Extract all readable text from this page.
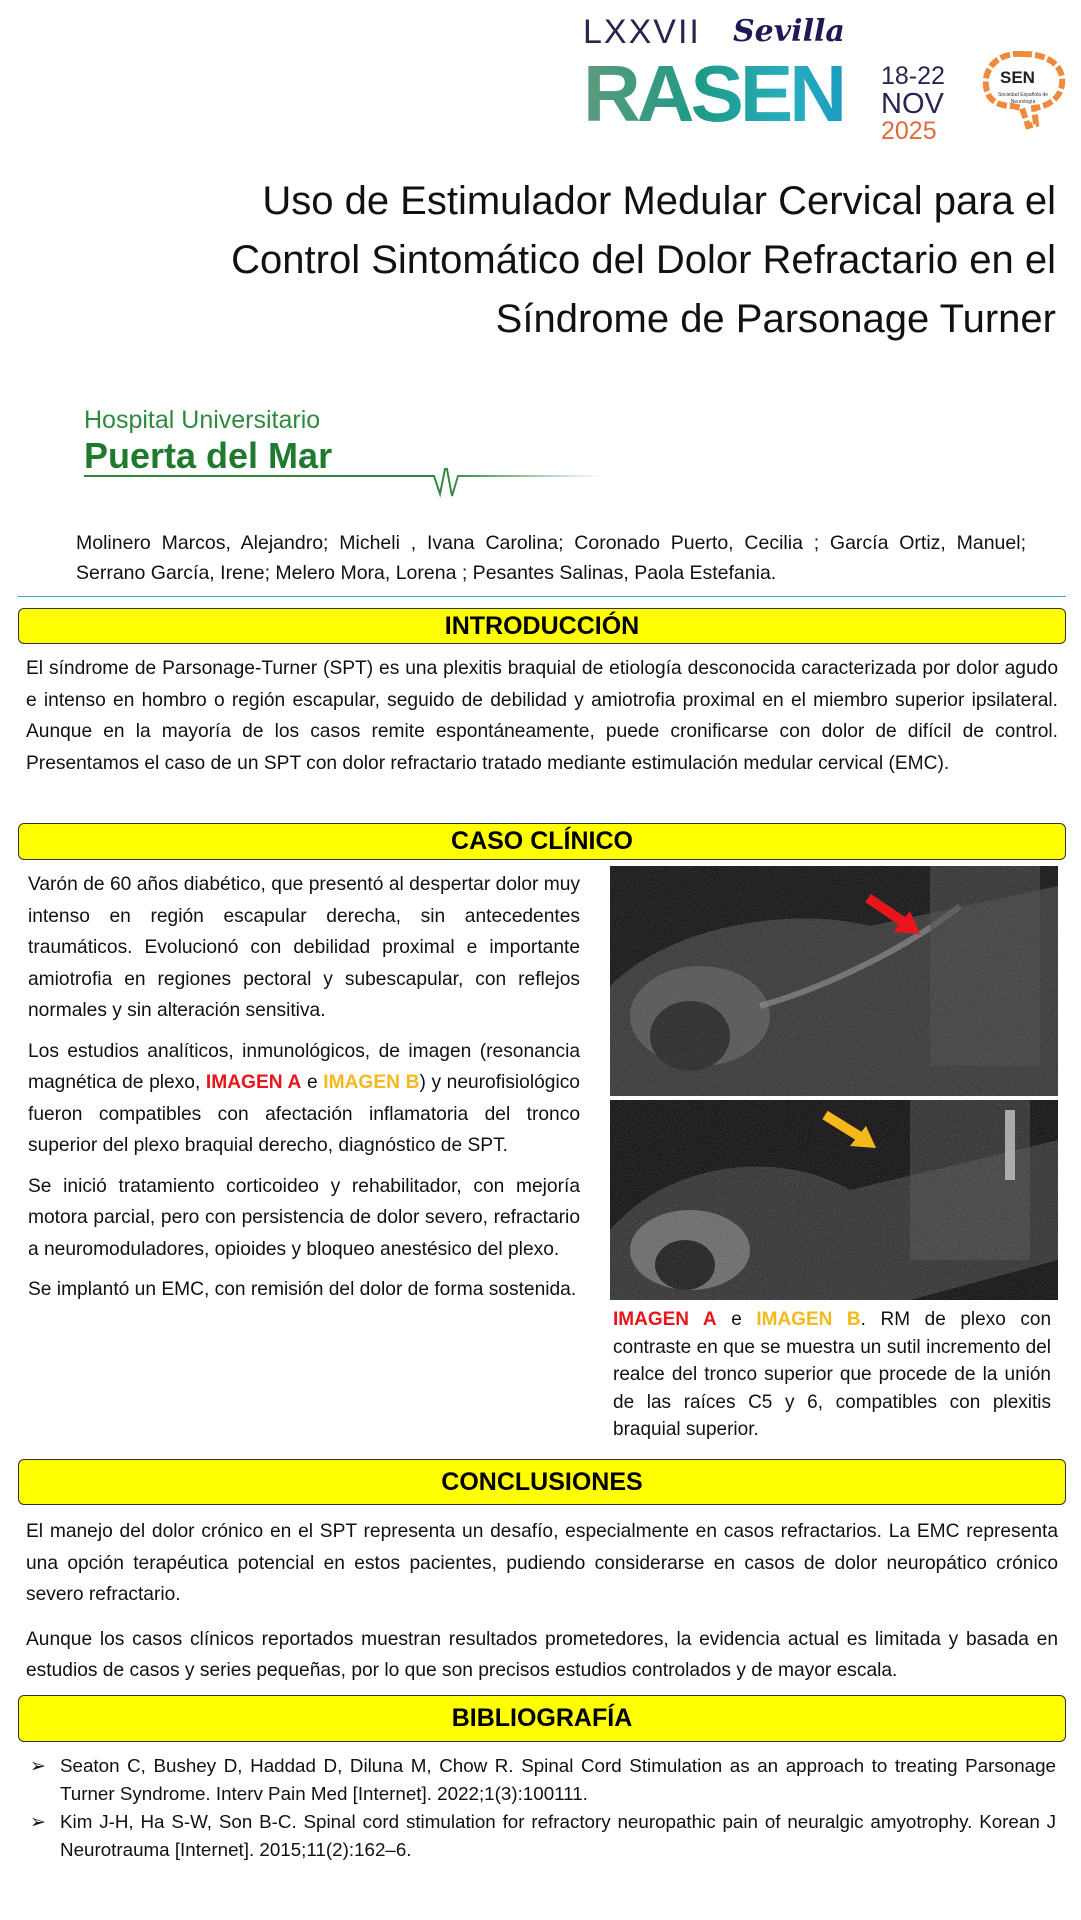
LXXVII Sevilla
RASEN 18-22
NOV
2025
SEN
Sociedad Española de Neurología
Uso de Estimulador Medular Cervical para el
Control Sintomático del Dolor Refractario en el
Síndrome de Parsonage Turner
Hospital Universitario
Puerta del Mar
Molinero Marcos, Alejandro; Micheli , Ivana Carolina; Coronado Puerto, Cecilia ; García Ortiz, Manuel; Serrano García, Irene; Melero Mora, Lorena ; Pesantes Salinas, Paola Estefania.
INTRODUCCIÓN

El síndrome de Parsonage-Turner (SPT) es una plexitis braquial de etiología desconocida caracterizada por dolor agudo e intenso en hombro o región escapular, seguido de debilidad y amiotrofia proximal en el miembro superior ipsilateral. Aunque en la mayoría de los casos remite espontáneamente, puede cronificarse con dolor de difícil de control. Presentamos el caso de un SPT con dolor refractario tratado mediante estimulación medular cervical (EMC).

CASO CLÍNICO

Varón de 60 años diabético, que presentó al despertar dolor muy intenso en región escapular derecha, sin antecedentes traumáticos. Evolucionó con debilidad proximal e importante amiotrofia en regiones pectoral y subescapular, con reflejos normales y sin alteración sensitiva.

Los estudios analíticos, inmunológicos, de imagen (resonancia magnética de plexo, IMAGEN A e IMAGEN B) y neurofisiológico fueron compatibles con afectación inflamatoria del tronco superior del plexo braquial derecho, diagnóstico de SPT.

Se inició tratamiento corticoideo y rehabilitador, con mejoría motora parcial, pero con persistencia de dolor severo, refractario a neuromoduladores, opioides y bloqueo anestésico del plexo.

Se implantó un EMC, con remisión del dolor de forma sostenida.

IMAGEN A e IMAGEN B. RM de plexo con contraste en que se muestra un sutil incremento del realce del tronco superior que procede de la unión de las raíces C5 y 6, compatibles con plexitis braquial superior.

CONCLUSIONES

El manejo del dolor crónico en el SPT representa un desafío, especialmente en casos refractarios. La EMC representa una opción terapéutica potencial en estos pacientes, pudiendo considerarse en casos de dolor neuropático crónico severo refractario.

Aunque los casos clínicos reportados muestran resultados prometedores, la evidencia actual es limitada y basada en estudios de casos y series pequeñas, por lo que son precisos estudios controlados y de mayor escala.

BIBLIOGRAFÍA
➢ Seaton C, Bushey D, Haddad D, Diluna M, Chow R. Spinal Cord Stimulation as an approach to treating Parsonage Turner Syndrome. Interv Pain Med [Internet]. 2022;1(3):100111.
➢ Kim J-H, Ha S-W, Son B-C. Spinal cord stimulation for refractory neuropathic pain of neuralgic amyotrophy. Korean J Neurotrauma [Internet]. 2015;11(2):162–6.
